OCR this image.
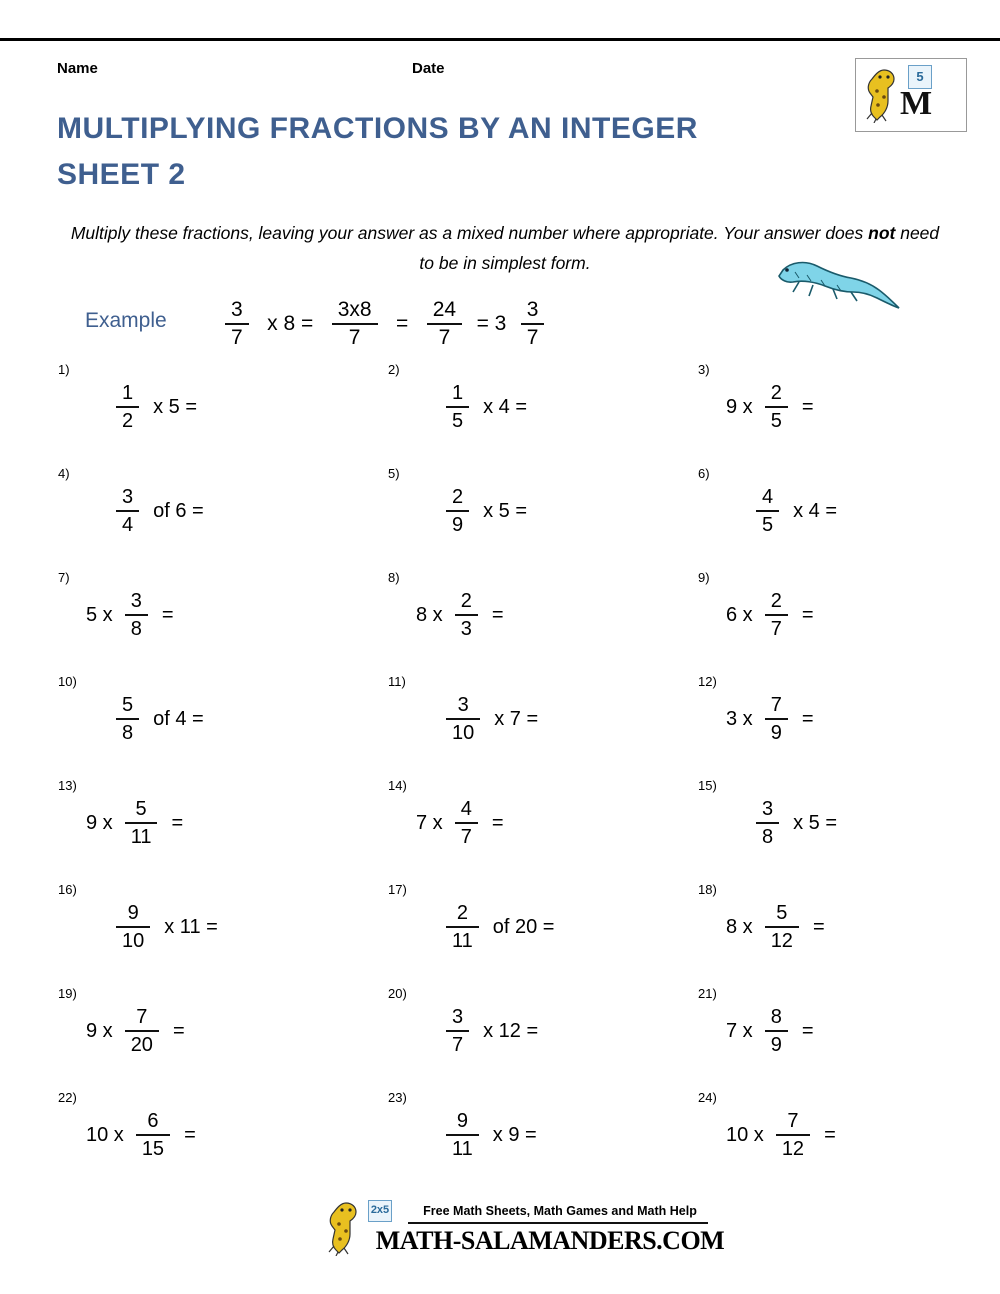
Name	Date	5
M
MULTIPLYING FRACTIONS BY AN INTEGER
SHEET 2
Multiply these fractions, leaving your answer as a mixed number where appropriate. Your answer does not need to be in simplest form.
Example	$\frac{3}{7}$ x $8 = \frac{3x8}{7} = \frac{24}{7} = 3 \frac{3}{7}$
1)
$\frac{1}{2}$ x 5 =
2)
$\frac{1}{5}$ x 4 =
3)
9 x $\frac{2}{5}$ =
4)
$\frac{3}{4}$ of 6 =
5)
$\frac{2}{9}$ x 5 =
6)
$\frac{4}{5}$ x 4 =
7)
5 x $\frac{3}{8}$ =
8)
8 x $\frac{2}{3}$ =
9)
6 x $\frac{2}{7}$ =
10)
$\frac{5}{8}$ of 4 =
11)
$\frac{3}{10}$ x 7 =
12)
3 x $\frac{7}{9}$ =
13)
9 x $\frac{5}{11}$ =
14)
7 x $\frac{4}{7}$ =
15)
$\frac{3}{8}$ x 5 =
16)
$\frac{9}{10}$ x 11 =
17)
$\frac{2}{11}$ of 20 =
18)
8 x $\frac{5}{12}$ =
19)
9 x $\frac{7}{20}$ =
20)
$\frac{3}{7}$ x 12 =
21)
7 x $\frac{8}{9}$ =
22)
10 x $\frac{6}{15}$ =
23)
$\frac{9}{11}$ x 9 =
24)
10 x $\frac{7}{12}$ =
2x5	Free Math Sheets, Math Games and Math Help
MATH-SALAMANDERS.COM
